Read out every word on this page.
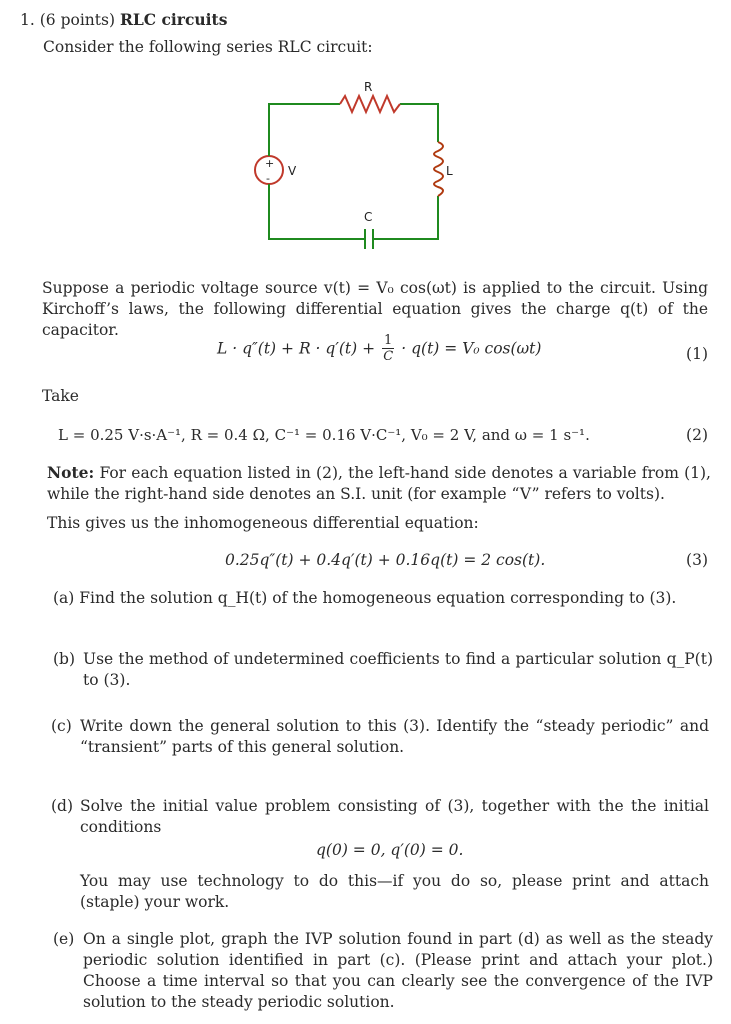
1. (6 points) RLC circuits
Consider the following series RLC circuit:
+
-
R
L
C
V
Suppose a periodic voltage source v(t) = V₀ cos(ωt) is applied to the circuit. Using Kirchoff’s laws, the following differential equation gives the charge q(t) of the capacitor.
$L \cdot q''(t) + R \cdot q'(t) + \frac{1}{C} \cdot q(t) = V_0$ cos(ωt)	(1)
Take
L = 0.25 V·s·A⁻¹, R = 0.4 Ω, C⁻¹ = 0.16 V·C⁻¹, V₀ = 2 V, and ω = 1 s⁻¹.	(2)
Note: For each equation listed in (2), the left-hand side denotes a variable from (1), while the right-hand side denotes an S.I. unit (for example “V” refers to volts).
This gives us the inhomogeneous differential equation:
0.25q″(t) + 0.4q′(t) + 0.16q(t) = 2 cos(t).	(3)
(a) Find the solution q_H(t) of the homogeneous equation corresponding to (3).
(b) Use the method of undetermined coefficients to find a particular solution q_P(t) to (3).
(c) Write down the general solution to this (3). Identify the “steady periodic” and “transient” parts of this general solution.
(d) Solve the initial value problem consisting of (3), together with the the initial conditions
q(0) = 0, q′(0) = 0.
You may use technology to do this—if you do so, please print and attach (staple) your work.
(e) On a single plot, graph the IVP solution found in part (d) as well as the steady periodic solution identified in part (c). (Please print and attach your plot.) Choose a time interval so that you can clearly see the convergence of the IVP solution to the steady periodic solution.
